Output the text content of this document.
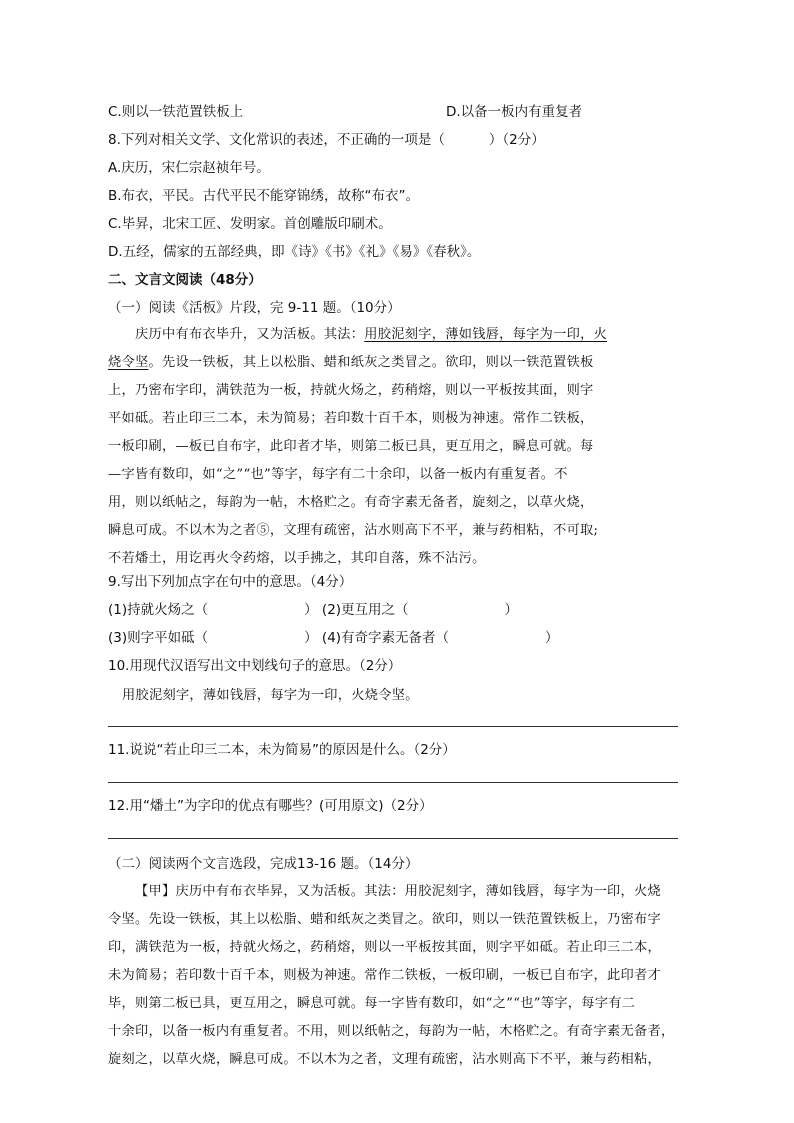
C.则以一铁范置铁板上	D.以备一板内有重复者
8.下列对相关文学、文化常识的表述，不正确的一项是（	）（2分）
A.庆历，宋仁宗赵祯年号。
B.布衣，平民。古代平民不能穿锦绣，故称“布衣”。
C.毕昇，北宋工匠、发明家。首创雕版印刷术。
D.五经，儒家的五部经典，即《诗》《书》《礼》《易》《春秋》。
二、文言文阅读（48分）
（一）阅读《活板》片段，完 9-11 题。（10分）
庆历中有布衣毕升，又为活板。其法：用胶泥刻字，薄如钱唇，每字为一印，火
烧令坚。先设一铁板，其上以松脂、蜡和纸灰之类冒之。欲印，则以一铁范置铁板
上，乃密布字印，满铁范为一板，持就火炀之，药稍熔，则以一平板按其面，则字
平如砥。若止印三二本，未为简易；若印数十百千本，则极为神速。常作二铁板，
一板印刷，—板已自布字，此印者才毕，则第二板已具，更互用之，瞬息可就。每
—字皆有数印，如“之”“也”等字，每字有二十余印，以备一板内有重复者。不
用，则以纸帖之，每韵为一帖，木格贮之。有奇字素无备者，旋刻之，以草火烧，
瞬息可成。不以木为之者⑤，文理有疏密，沾水则高下不平，兼与药相粘，不可取;
不若燔土，用讫再火令药熔，以手拂之，其印自落，殊不沾污。
9.写出下列加点字在句中的意思。（4分）
(1)持就火炀之（	） (2)更互用之（	）
(3)则字平如砥（	） (4)有奇字素无备者（	）
10.用现代汉语写出文中划线句子的意思。（2分）
用胶泥刻字，薄如钱唇，每字为一印，火烧令坚。
11.说说“若止印三二本，未为简易”的原因是什么。（2分）
12.用“燔土”为字印的优点有哪些？(可用原文)（2分）
（二）阅读两个文言选段，完成13-16 题。（14分）
【甲】庆历中有布衣毕昇，又为活板。其法：用胶泥刻字，薄如钱唇，每字为一印，火烧
令坚。先设一铁板，其上以松脂、蜡和纸灰之类冒之。欲印，则以一铁范置铁板上，乃密布字
印，满铁范为一板，持就火炀之，药稍熔，则以一平板按其面，则字平如砥。若止印三二本，
未为简易；若印数十百千本，则极为神速。常作二铁板，一板印刷，一板已自布字，此印者才
毕，则第二板已具，更互用之，瞬息可就。每一字皆有数印，如“之”“也”等字，每字有二
十余印，以备一板内有重复者。不用，则以纸帖之，每韵为一帖，木格贮之。有奇字素无备者，
旋刻之，以草火烧，瞬息可成。不以木为之者，文理有疏密，沾水则高下不平，兼与药相粘，
